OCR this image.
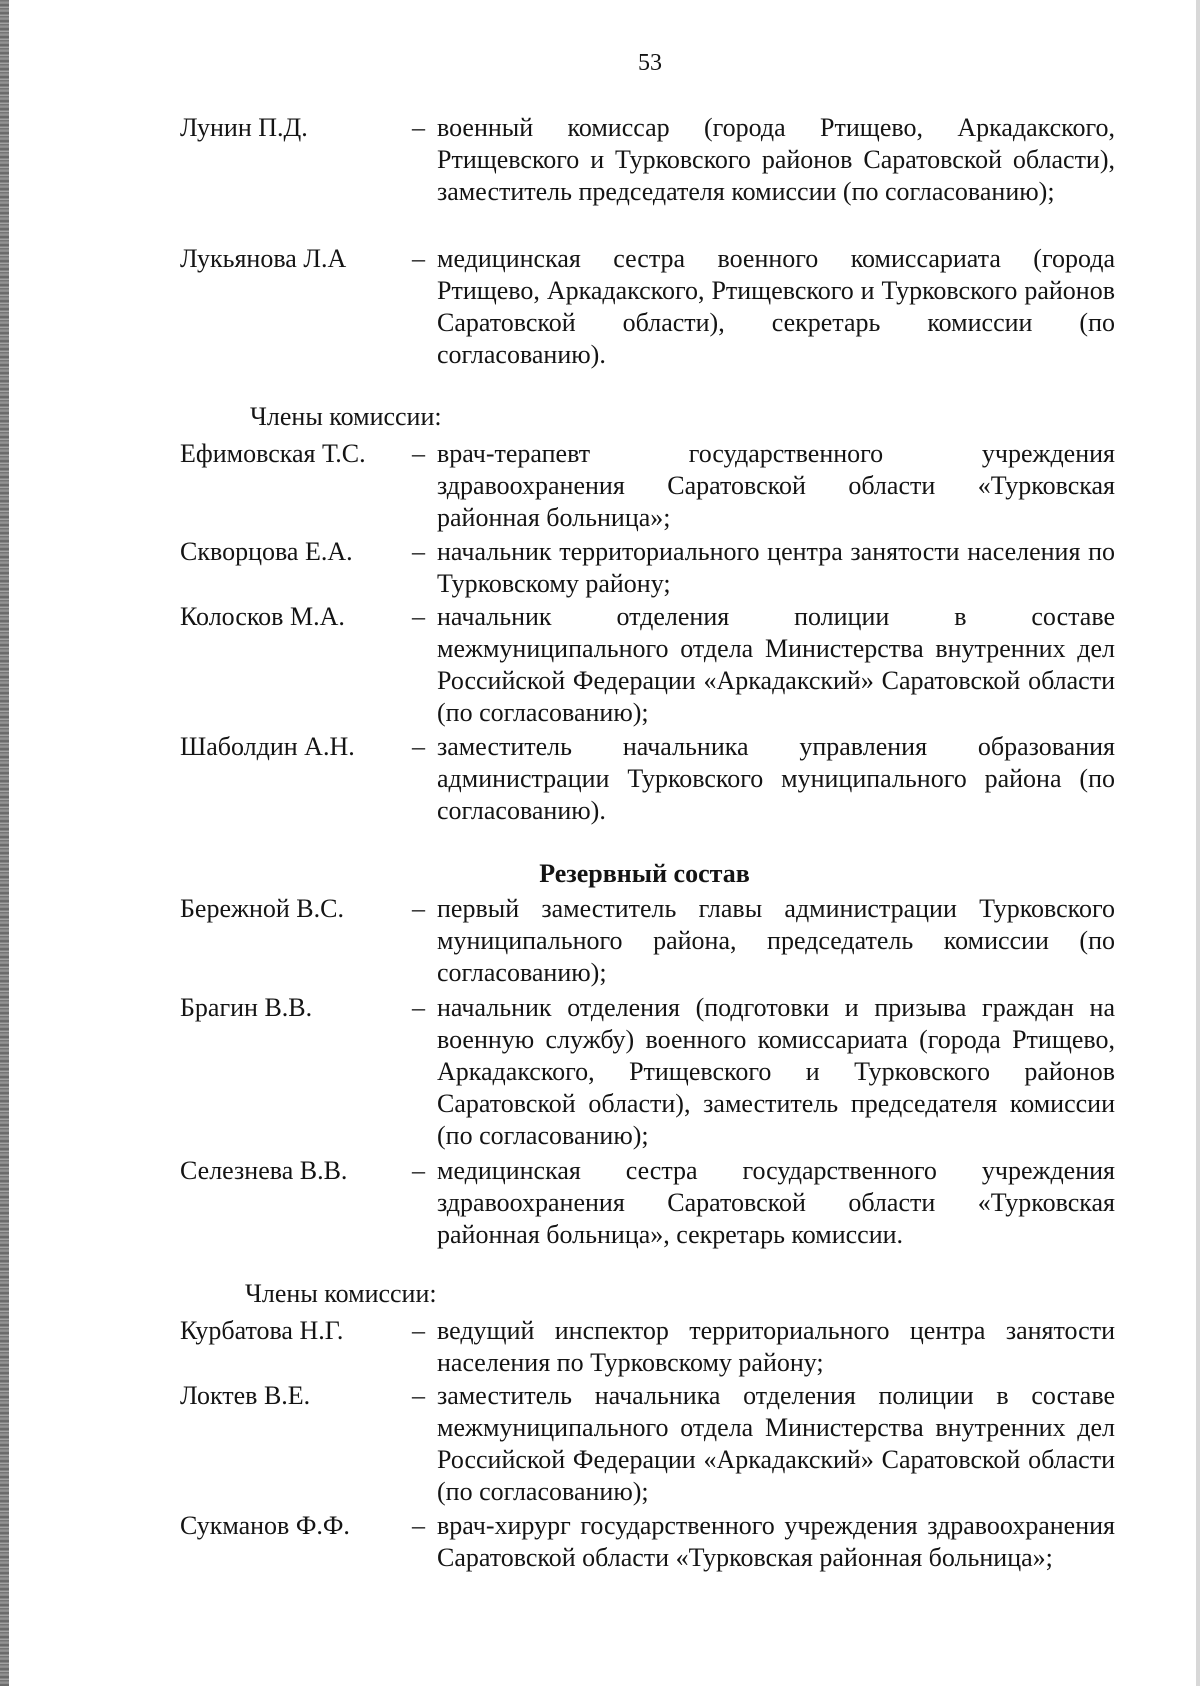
53
Лунин П.Д.	– военный комиссар (города Ртищево, Аркадакского, Ртищевского и Турковского районов Саратовской области), заместитель председателя комиссии (по согласованию);
Лукьянова Л.А	– медицинская сестра военного комиссариата (города Ртищево, Аркадакского, Ртищевского и Турковского районов Саратовской области), секретарь комиссии (по согласованию).
Члены комиссии:
Ефимовская Т.С. – врач-терапевт государственного учреждения здравоохранения Саратовской области «Турковская районная больница»;
Скворцова Е.А. – начальник территориального центра занятости населения по Турковскому району;
Колосков М.А.	– начальник отделения полиции в составе межмуниципального отдела Министерства внутренних дел Российской Федерации «Аркадакский» Саратовской области (по согласованию);
Шаболдин А.Н. – заместитель начальника управления образования администрации Турковского муниципального района (по согласованию).
Резервный состав
Бережной В.С.	– первый заместитель главы администрации Турковского муниципального района, председатель комиссии (по согласованию);
Брагин В.В.	– начальник отделения (подготовки и призыва граждан на военную службу) военного комиссариата (города Ртищево, Аркадакского, Ртищевского и Турковского районов Саратовской области), заместитель председателя комиссии (по согласованию);
Селезнева В.В. – медицинская сестра государственного учреждения здравоохранения Саратовской области «Турковская районная больница», секретарь комиссии.
Члены комиссии:
Курбатова Н.Г.	– ведущий инспектор территориального центра занятости населения по Турковскому району;
Локтев В.Е.	– заместитель начальника отделения полиции в составе межмуниципального отдела Министерства внутренних дел Российской Федерации «Аркадакский» Саратовской области (по согласованию);
Сукманов Ф.Ф. – врач-хирург государственного учреждения здравоохранения Саратовской области «Турковская районная больница»;
